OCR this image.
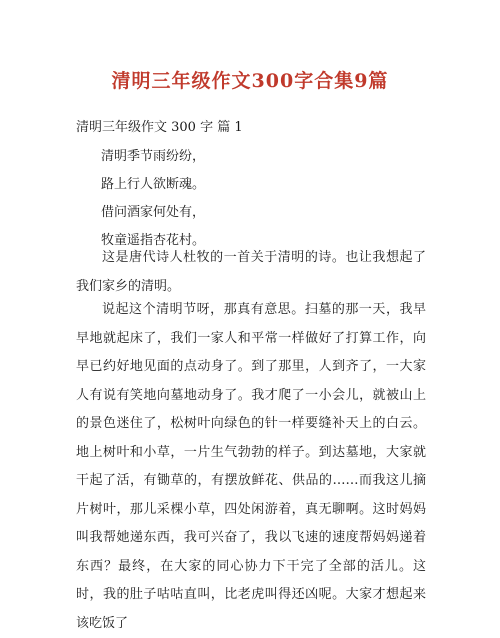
清明三年级作文300字合集9篇
清明三年级作文 300 字 篇 1
清明季节雨纷纷，
路上行人欲断魂。
借问酒家何处有，
牧童遥指杏花村。

这是唐代诗人杜牧的一首关于清明的诗。也让我想起了我们家乡的清明。

说起这个清明节呀，那真有意思。扫墓的那一天，我早早地就起床了，我们一家人和平常一样做好了打算工作，向早已约好地见面的点动身了。到了那里，人到齐了，一大家人有说有笑地向墓地动身了。我才爬了一小会儿，就被山上的景色迷住了，松树叶向绿色的针一样要缝补天上的白云。地上树叶和小草，一片生气勃勃的样子。到达墓地，大家就干起了活，有锄草的，有摆放鲜花、供品的……而我这儿摘片树叶，那儿采棵小草，四处闲游着，真无聊啊。这时妈妈叫我帮她递东西，我可兴奋了，我以飞速的速度帮妈妈递着东西？最终，在大家的同心协力下干完了全部的活儿。这时，我的肚子咕咕直叫，比老虎叫得还凶呢。大家才想起来该吃饭了
